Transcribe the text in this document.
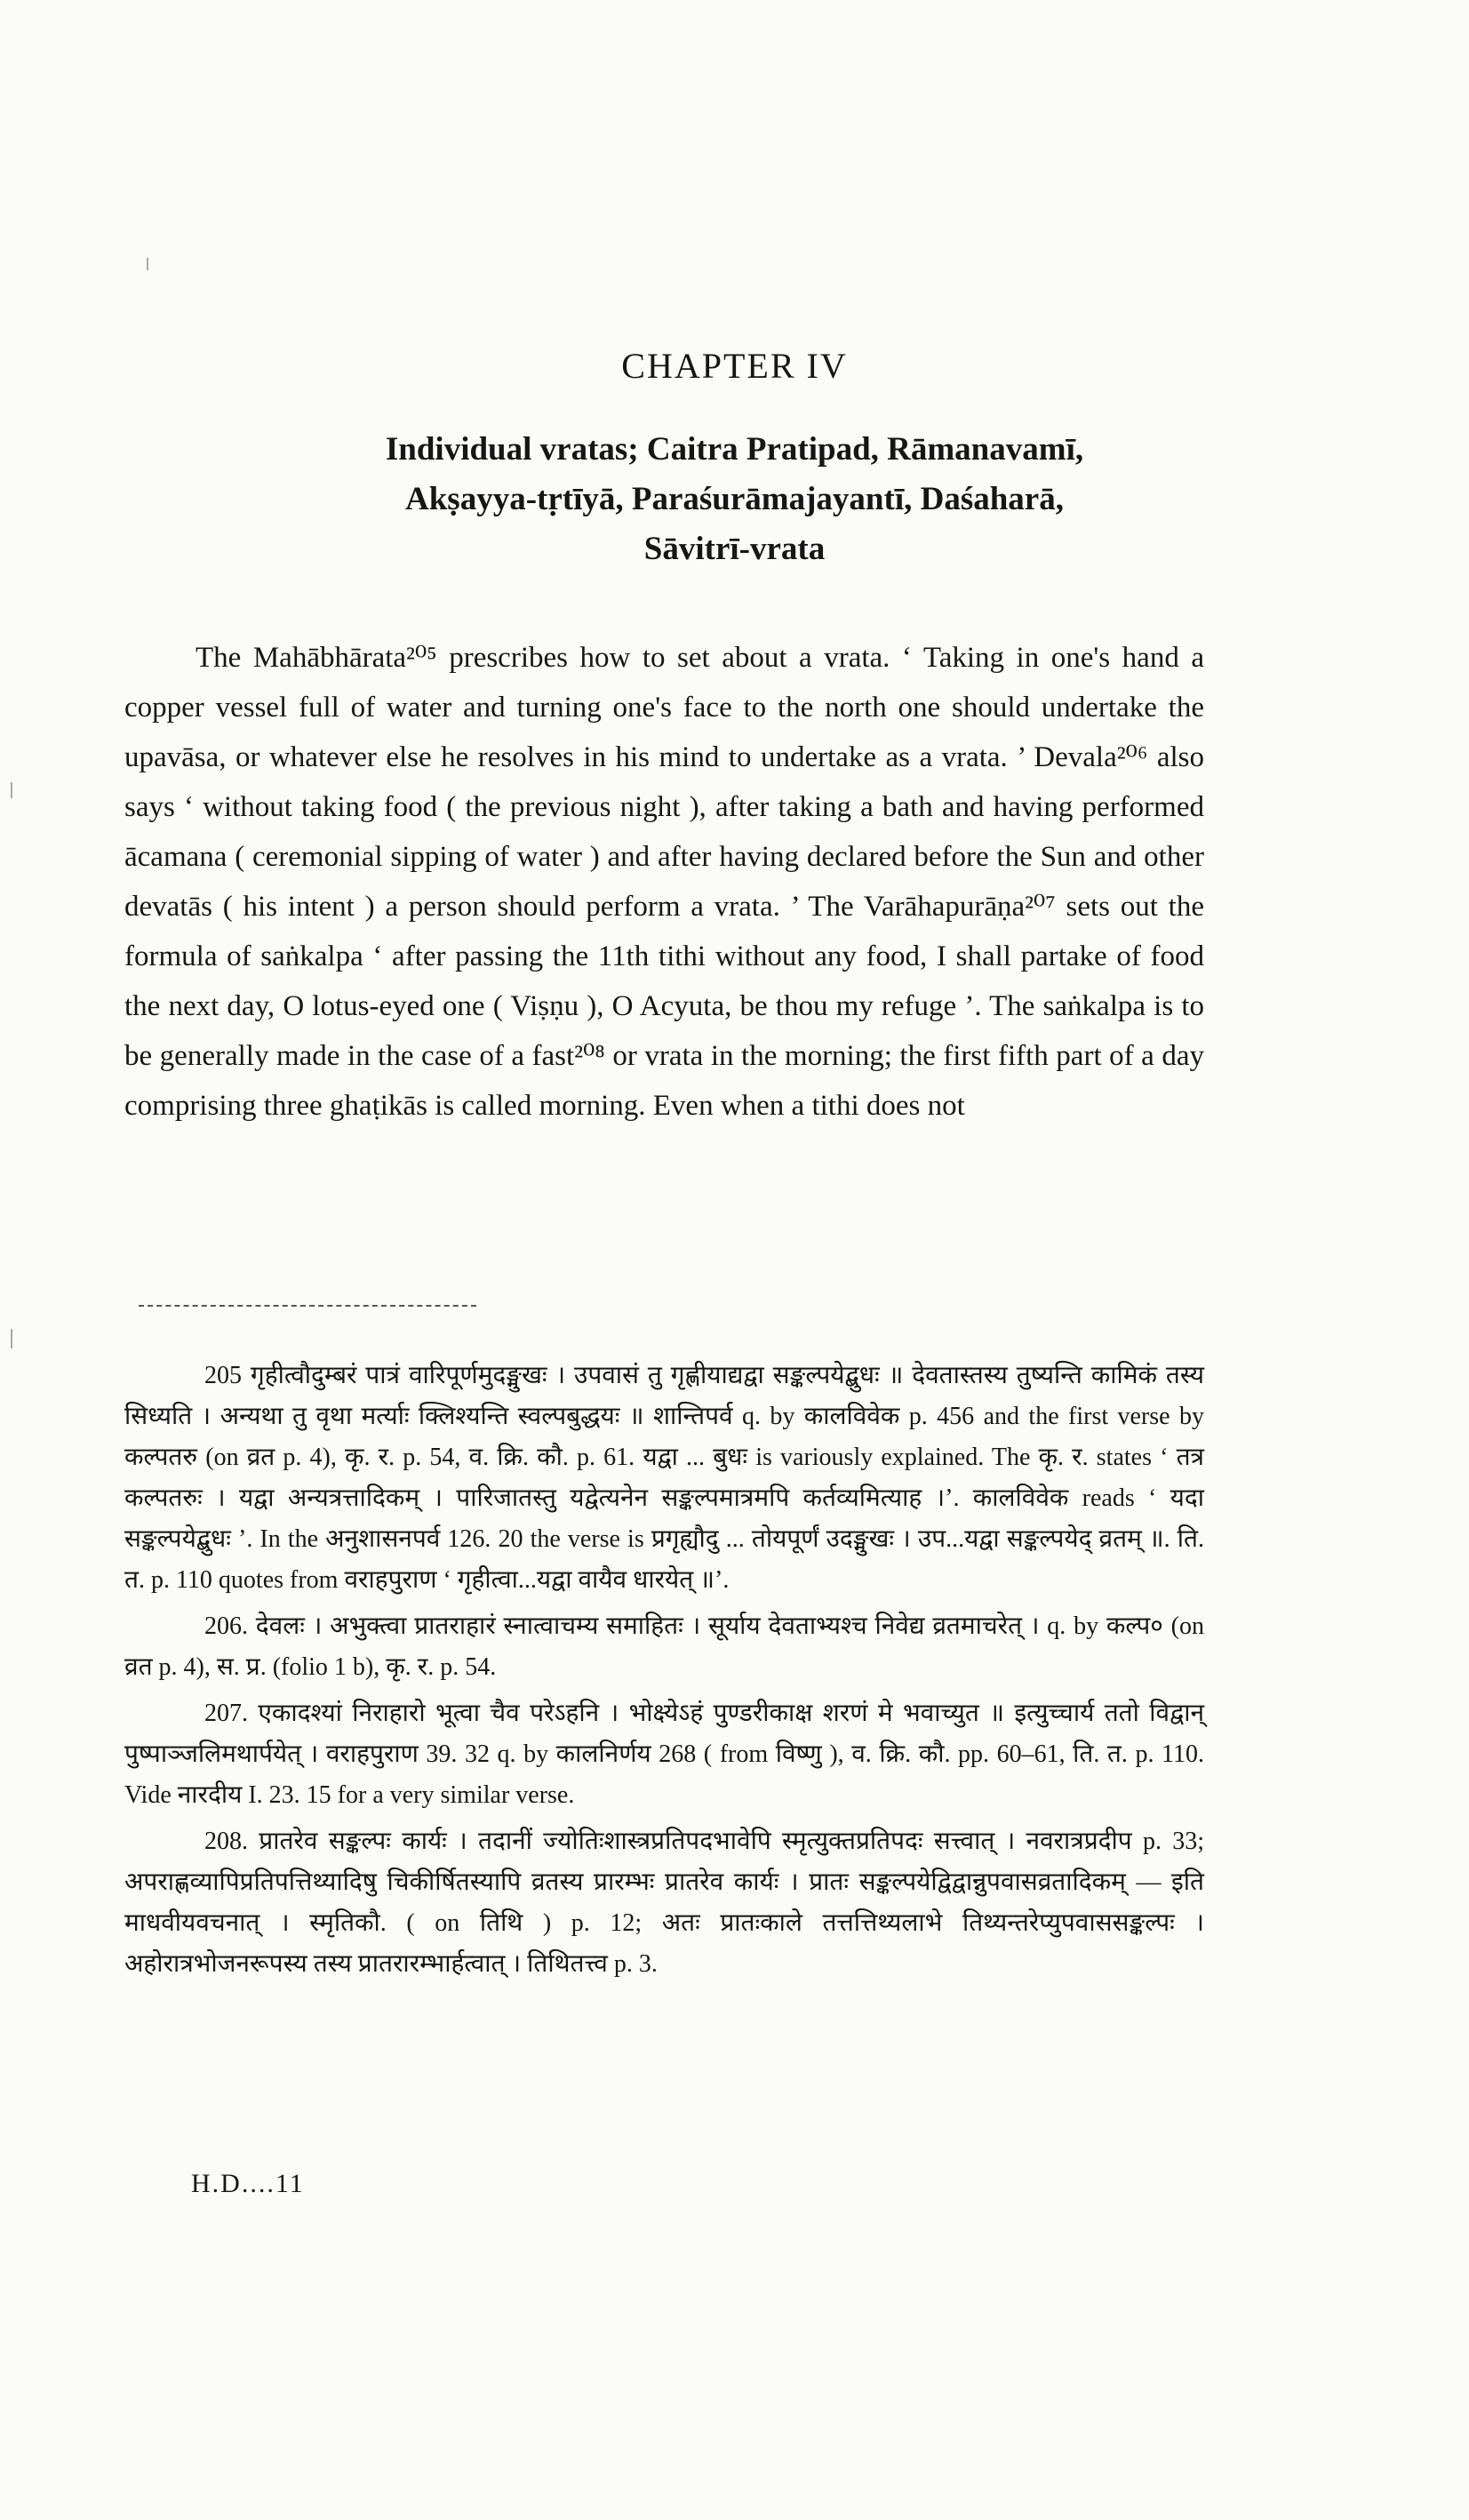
CHAPTER IV
Individual vratas; Caitra Pratipad, Rāmanavamī,
Akṣayya-tṛtīyā, Paraśurāmajayantī, Daśaharā,
Sāvitrī-vrata

The Mahābhārata²⁰⁵ prescribes how to set about a vrata. ‘ Taking in one's hand a copper vessel full of water and turning one's face to the north one should undertake the upavāsa, or whatever else he resolves in his mind to undertake as a vrata. ’ Devala²⁰⁶ also says ‘ without taking food ( the previous night ), after taking a bath and having performed ācamana ( ceremonial sipping of water ) and after having declared before the Sun and other devatās ( his intent ) a person should perform a vrata. ’ The Varāhapurāṇa²⁰⁷ sets out the formula of saṅkalpa ‘ after passing the 11th tithi without any food, I shall partake of food the next day, O lotus-eyed one ( Viṣṇu ), O Acyuta, be thou my refuge ’. The saṅkalpa is to be generally made in the case of a fast²⁰⁸ or vrata in the morning; the first fifth part of a day comprising three ghaṭikās is called morning. Even when a tithi does not

205 गृहीत्वौदुम्बरं पात्रं वारिपूर्णमुदङ्मुखः । उपवासं तु गृह्णीयाद्यद्वा सङ्कल्पयेद्बुधः ॥ देवतास्तस्य तुष्यन्ति कामिकं तस्य सिध्यति । अन्यथा तु वृथा मर्त्याः क्लिश्यन्ति स्वल्पबुद्धयः ॥ शान्तिपर्व q. by कालविवेक p. 456 and the first verse by कल्पतरु (on व्रत p. 4), कृ. र. p. 54, व. क्रि. कौ. p. 61. यद्वा ... बुधः is variously explained. The कृ. र. states ‘ तत्र कल्पतरुः । यद्वा अन्यत्रत्तादिकम् । पारिजातस्तु यद्वेत्यनेन सङ्कल्पमात्रमपि कर्तव्यमित्याह ।’. कालविवेक reads ‘ यदा सङ्कल्पयेद्बुधः ’. In the अनुशासनपर्व 126. 20 the verse is प्रगृह्यौदु ... तोयपूर्णं उदङ्मुखः । उप...यद्वा सङ्कल्पयेद् व्रतम् ॥. ति. त. p. 110 quotes from वराहपुराण ‘ गृहीत्वा...यद्वा वायैव धारयेत् ॥’.

206. देवलः । अभुक्त्वा प्रातराहारं स्नात्वाचम्य समाहितः । सूर्याय देवताभ्यश्च निवेद्य व्रतमाचरेत् । q. by कल्प० (on व्रत p. 4), स. प्र. (folio 1 b), कृ. र. p. 54.

207. एकादश्यां निराहारो भूत्वा चैव परेऽहनि । भोक्ष्येऽहं पुण्डरीकाक्ष शरणं मे भवाच्युत ॥ इत्युच्चार्य ततो विद्वान् पुष्पाञ्जलिमथार्पयेत् । वराहपुराण 39. 32 q. by कालनिर्णय 268 ( from विष्णु ), व. क्रि. कौ. pp. 60–61, ति. त. p. 110. Vide नारदीय I. 23. 15 for a very similar verse.

208. प्रातरेव सङ्कल्पः कार्यः । तदानीं ज्योतिःशास्त्रप्रतिपदभावेपि स्मृत्युक्तप्रतिपदः सत्त्वात् । नवरात्रप्रदीप p. 33; अपराह्णव्यापिप्रतिपत्तिथ्यादिषु चिकीर्षितस्यापि व्रतस्य प्रारम्भः प्रातरेव कार्यः । प्रातः सङ्कल्पयेद्विद्वान्नुपवासव्रतादिकम् — इति माधवीयवचनात् । स्मृतिकौ. ( on तिथि ) p. 12; अतः प्रातःकाले तत्तत्तिथ्यलाभे तिथ्यन्तरेप्युपवाससङ्कल्पः । अहोरात्रभोजनरूपस्य तस्य प्रातरारम्भार्हत्वात् । तिथितत्त्व p. 3.

H.D....11
